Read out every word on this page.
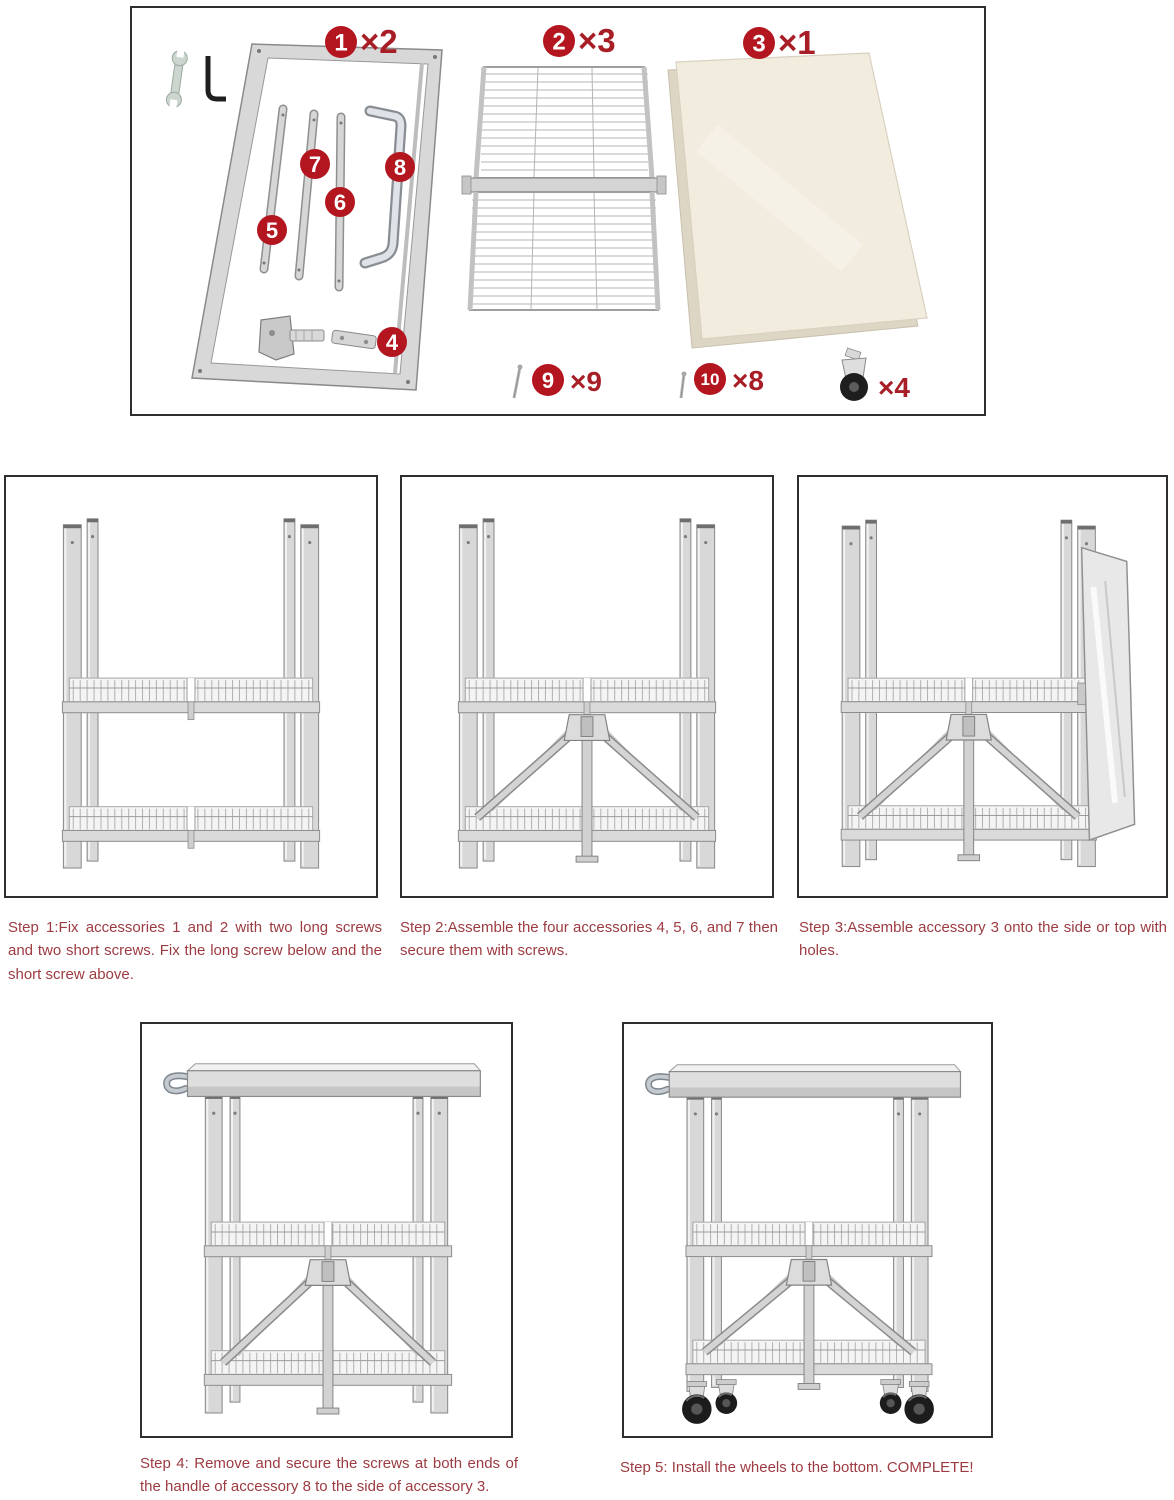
1 ×2	2 ×3	3 ×1
5
6
7	8
4
9 ×9	10 ×8	×4

Step 1:Fix accessories 1 and 2 with two long screws and two short screws. Fix the long screw below and the short screw above.

Step 2:Assemble the four accessories 4, 5, 6, and 7 then secure them with screws.

Step 3:Assemble accessory 3 onto the side or top with holes.

Step 4: Remove and secure the screws at both ends of the handle of accessory 8 to the side of accessory 3.

Step 5: Install the wheels to the bottom. COMPLETE!
